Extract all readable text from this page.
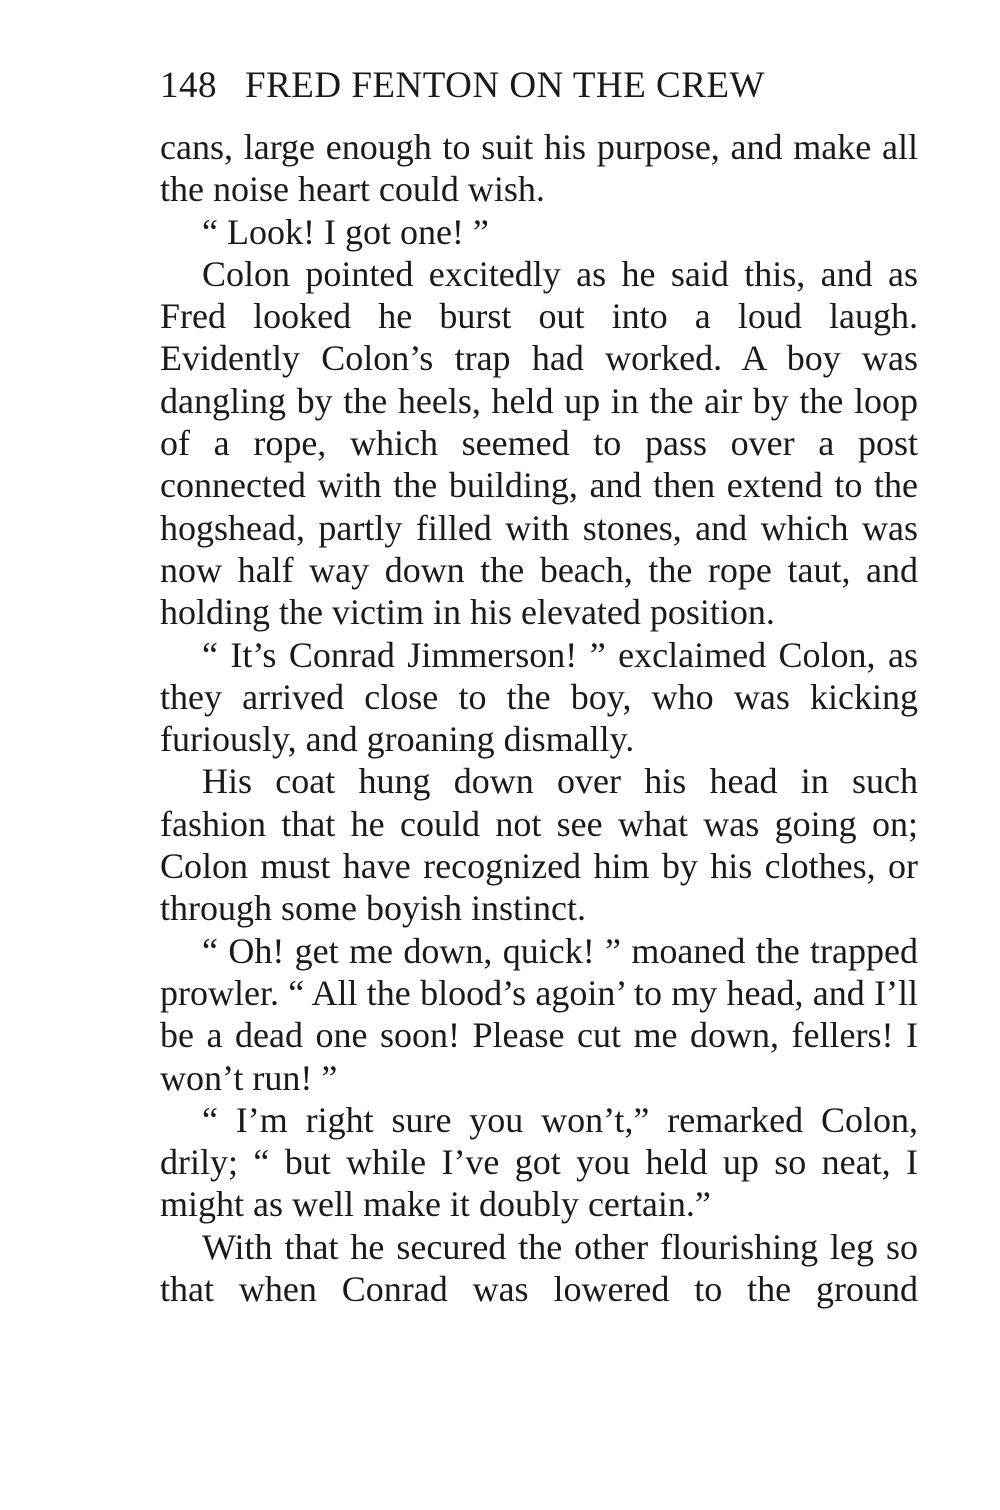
148 FRED FENTON ON THE CREW

cans, large enough to suit his purpose, and make all the noise heart could wish.

“ Look! I got one! ”

Colon pointed excitedly as he said this, and as Fred looked he burst out into a loud laugh. Evidently Colon’s trap had worked. A boy was dangling by the heels, held up in the air by the loop of a rope, which seemed to pass over a post connected with the building, and then extend to the hogshead, partly filled with stones, and which was now half way down the beach, the rope taut, and holding the victim in his elevated position.

“ It’s Conrad Jimmerson! ” exclaimed Colon, as they arrived close to the boy, who was kicking furiously, and groaning dismally.

His coat hung down over his head in such fashion that he could not see what was going on; Colon must have recognized him by his clothes, or through some boyish instinct.

“ Oh! get me down, quick! ” moaned the trapped prowler. “ All the blood’s agoin’ to my head, and I’ll be a dead one soon! Please cut me down, fellers! I won’t run! ”

“ I’m right sure you won’t,” remarked Colon, drily; “ but while I’ve got you held up so neat, I might as well make it doubly certain.”

With that he secured the other flourishing leg so that when Conrad was lowered to the ground
